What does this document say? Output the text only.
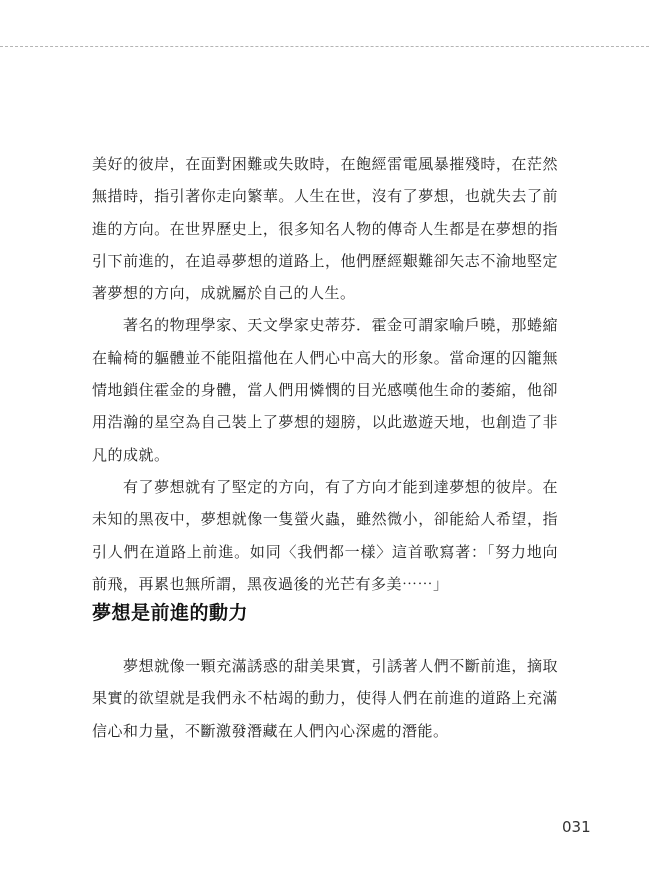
美好的彼岸，在面對困難或失敗時，在飽經雷電風暴摧殘時，在茫然無措時，指引著你走向繁華。人生在世，沒有了夢想，也就失去了前進的方向。在世界歷史上，很多知名人物的傳奇人生都是在夢想的指引下前進的，在追尋夢想的道路上，他們歷經艱難卻矢志不渝地堅定著夢想的方向，成就屬於自己的人生。

著名的物理學家、天文學家史蒂芬．霍金可謂家喻戶曉，那蜷縮在輪椅的軀體並不能阻擋他在人們心中高大的形象。當命運的囚籠無情地鎖住霍金的身體，當人們用憐憫的目光感嘆他生命的萎縮，他卻用浩瀚的星空為自己裝上了夢想的翅膀，以此遨遊天地，也創造了非凡的成就。

有了夢想就有了堅定的方向，有了方向才能到達夢想的彼岸。在未知的黑夜中，夢想就像一隻螢火蟲，雖然微小，卻能給人希望，指引人們在道路上前進。如同〈我們都一樣〉這首歌寫著：「努力地向前飛，再累也無所謂，黑夜過後的光芒有多美⋯⋯」

夢想是前進的動力

夢想就像一顆充滿誘惑的甜美果實，引誘著人們不斷前進，摘取果實的欲望就是我們永不枯竭的動力，使得人們在前進的道路上充滿信心和力量，不斷激發潛藏在人們內心深處的潛能。

031
